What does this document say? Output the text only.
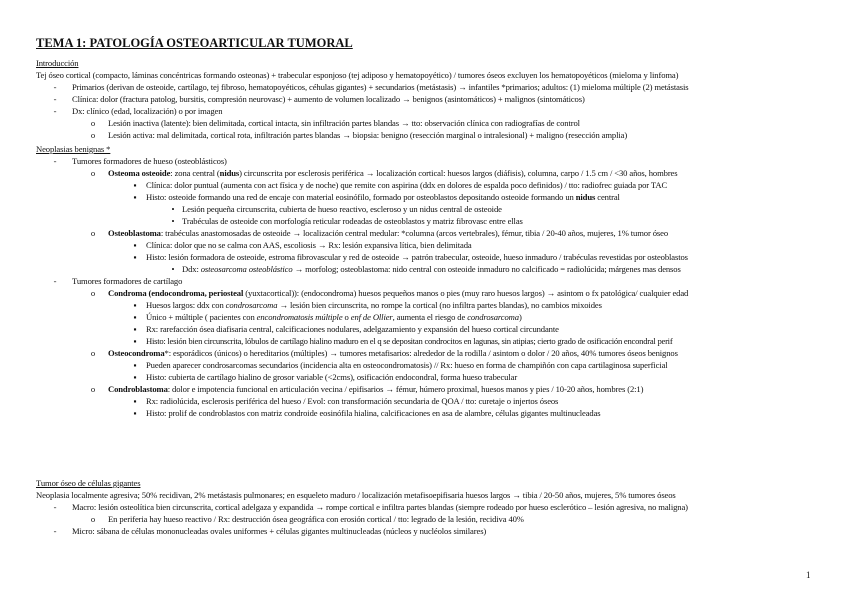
TEMA 1: PATOLOGÍA OSTEOARTICULAR TUMORAL
Introducción
Tej óseo cortical (compacto, láminas concéntricas formando osteonas) + trabecular esponjoso (tej adiposo y hematopoyético) / tumores óseos excluyen los hematopoyéticos (mieloma y linfoma)
-	Primarios (derivan de osteoide, cartílago, tej fibroso, hematopoyéticos, céhulas gigantes) + secundarios (metástasis) → infantiles *primarios; adultos: (1) mieloma múltiple (2) metástasis
-	Clínica: dolor (fractura patolog, bursitis, compresión neurovasc) + aumento de volumen localizado → benignos (asintomáticos) + malignos (sintomáticos)
-	Dx: clínico (edad, localización) o por imagen
o	Lesión inactiva (latente): bien delimitada, cortical intacta, sin infiltración partes blandas → tto: observación clínica con radiografías de control
o	Lesión activa: mal delimitada, cortical rota, infiltración partes blandas → biopsia: benigno (resección marginal o intralesional) + maligno (resección amplia)
Neoplasias benignas *
-	Tumores formadores de hueso (osteoblásticos)
o	Osteoma osteoide: zona central (nidus) circunscrita por esclerosis periférica → localización cortical: huesos largos (diáfisis), columna, carpo / 1.5 cm / <30 años, hombres
▪	Clínica: dolor puntual (aumenta con act física y de noche) que remite con aspirina (ddx en dolores de espalda poco definidos) / tto: radiofrec guiada por TAC
▪	Histo: osteoide formando una red de encaje con material eosinófilo, formado por osteoblastos depositando osteoide formando un nidus central
• Lesión pequeña circunscrita, cubierta de hueso reactivo, escleroso y un nidus central de osteoide
• Trabéculas de osteoide con morfología reticular rodeadas de osteoblastos y matriz fibrovasc entre ellas
o	Osteoblastoma: trabéculas anastomosadas de osteoide → localización central medular: *columna (arcos vertebrales), fémur, tibia / 20-40 años, mujeres, 1% tumor óseo
▪	Clínica: dolor que no se calma con AAS, escoliosis → Rx: lesión expansiva lítica, bien delimitada
▪	Histo: lesión formadora de osteoide, estroma fibrovascular y red de osteoide → patrón trabecular, osteoide, hueso inmaduro / trabéculas revestidas por osteoblastos
• Ddx: osteosarcoma osteoblástico → morfolog; osteoblastoma: nido central con osteoide inmaduro no calcificado = radiolúcida; márgenes mas densos
-	Tumores formadores de cartílago
o	Condroma (endocondroma, periosteal (yuxtacortical)): (endocondroma) huesos pequeños manos o pies (muy raro huesos largos) → asintom o fx patológica/ cualquier edad
▪	Huesos largos: ddx con condrosarcoma → lesión bien circunscrita, no rompe la cortical (no infiltra partes blandas), no cambios mixoides
▪	Único + múltiple ( pacientes con encondromatosis múltiple o enf de Ollier, aumenta el riesgo de condrosarcoma)
▪	Rx: rarefacción ósea diafisaria central, calcificaciones nodulares, adelgazamiento y expansión del hueso cortical circundante
▪	Histo: lesión bien circunscrita, lóbulos de cartílago hialino maduro en el q se depositan condrocitos en lagunas, sin atipias; cierto grado de osificación encondral perif
o	Osteocondroma*: esporádicos (únicos) o hereditarios (múltiples) → tumores metafisarios: alrededor de la rodilla / asintom o dolor / 20 años, 40% tumores óseos benignos
▪	Pueden aparecer condrosarcomas secundarios (incidencia alta en osteocondromatosis) // Rx: hueso en forma de champiñón con capa cartilaginosa superficial
▪	Histo: cubierta de cartílago hialino de grosor variable (<2cms), osificación endocondral, forma hueso trabecular
o	Condroblastoma: dolor e impotencia funcional en articulación vecina / epifisarios → fémur, húmero proximal, huesos manos y pies / 10-20 años, hombres (2:1)
▪	Rx: radiolúcida, esclerosis periférica del hueso / Evol: con transformación secundaria de QOA / tto: curetaje o injertos óseos
▪	Histo: prolif de condroblastos con matriz condroide eosinófila hialina, calcificaciones en asa de alambre, células gigantes multinucleadas
Tumor óseo de células gigantes
Neoplasia localmente agresiva; 50% recidivan, 2% metástasis pulmonares; en esqueleto maduro / localización metafisoepifisaria huesos largos → tibia / 20-50 años, mujeres, 5% tumores óseos
-	Macro: lesión osteolítica bien circunscrita, cortical adelgaza y expandida → rompe cortical e infiltra partes blandas (siempre rodeado por hueso esclerótico – lesión agresiva, no maligna)
o	En periferia hay hueso reactivo / Rx: destrucción ósea geográfica con erosión cortical / tto: legrado de la lesión, recidiva 40%
-	Micro: sábana de células mononucleadas ovales uniformes + células gigantes multinucleadas (núcleos y nucléolos similares)
1
